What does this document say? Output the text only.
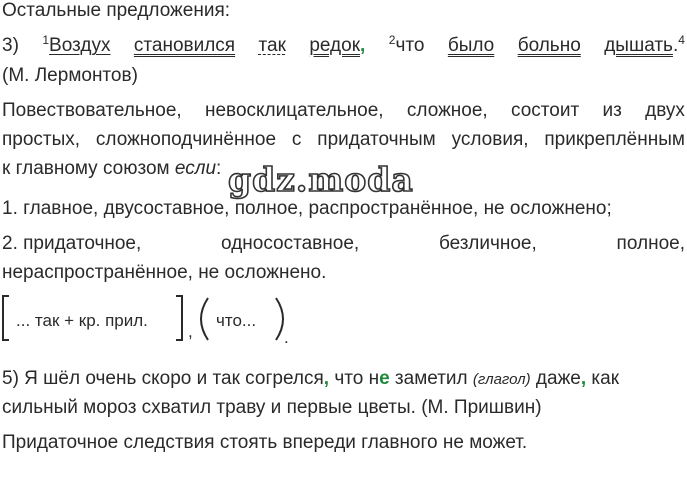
Остальные предложения:
3) $^1$Воздух становился так редок, $^2$что было больно дышать.$^4$
(М. Лермонтов)
Повествовательное, невосклицательное, сложное, состоит из двух
простых, сложноподчинённое с придаточным условия, прикреплённым
к главному союзом если: gdz.moda
1. главное, двусоставное, полное, распространённое, не осложнено;
2. придаточное,	односоставное,	безличное,	полное,
нераспространённое, не осложнено.
... так + кр. прил.
,
что...
.
5) Я шёл очень скоро и так согрелся, что не заметил (глагол) даже, как
сильный мороз схватил траву и первые цветы. (М. Пришвин)
Придаточное следствия стоять впереди главного не может.
